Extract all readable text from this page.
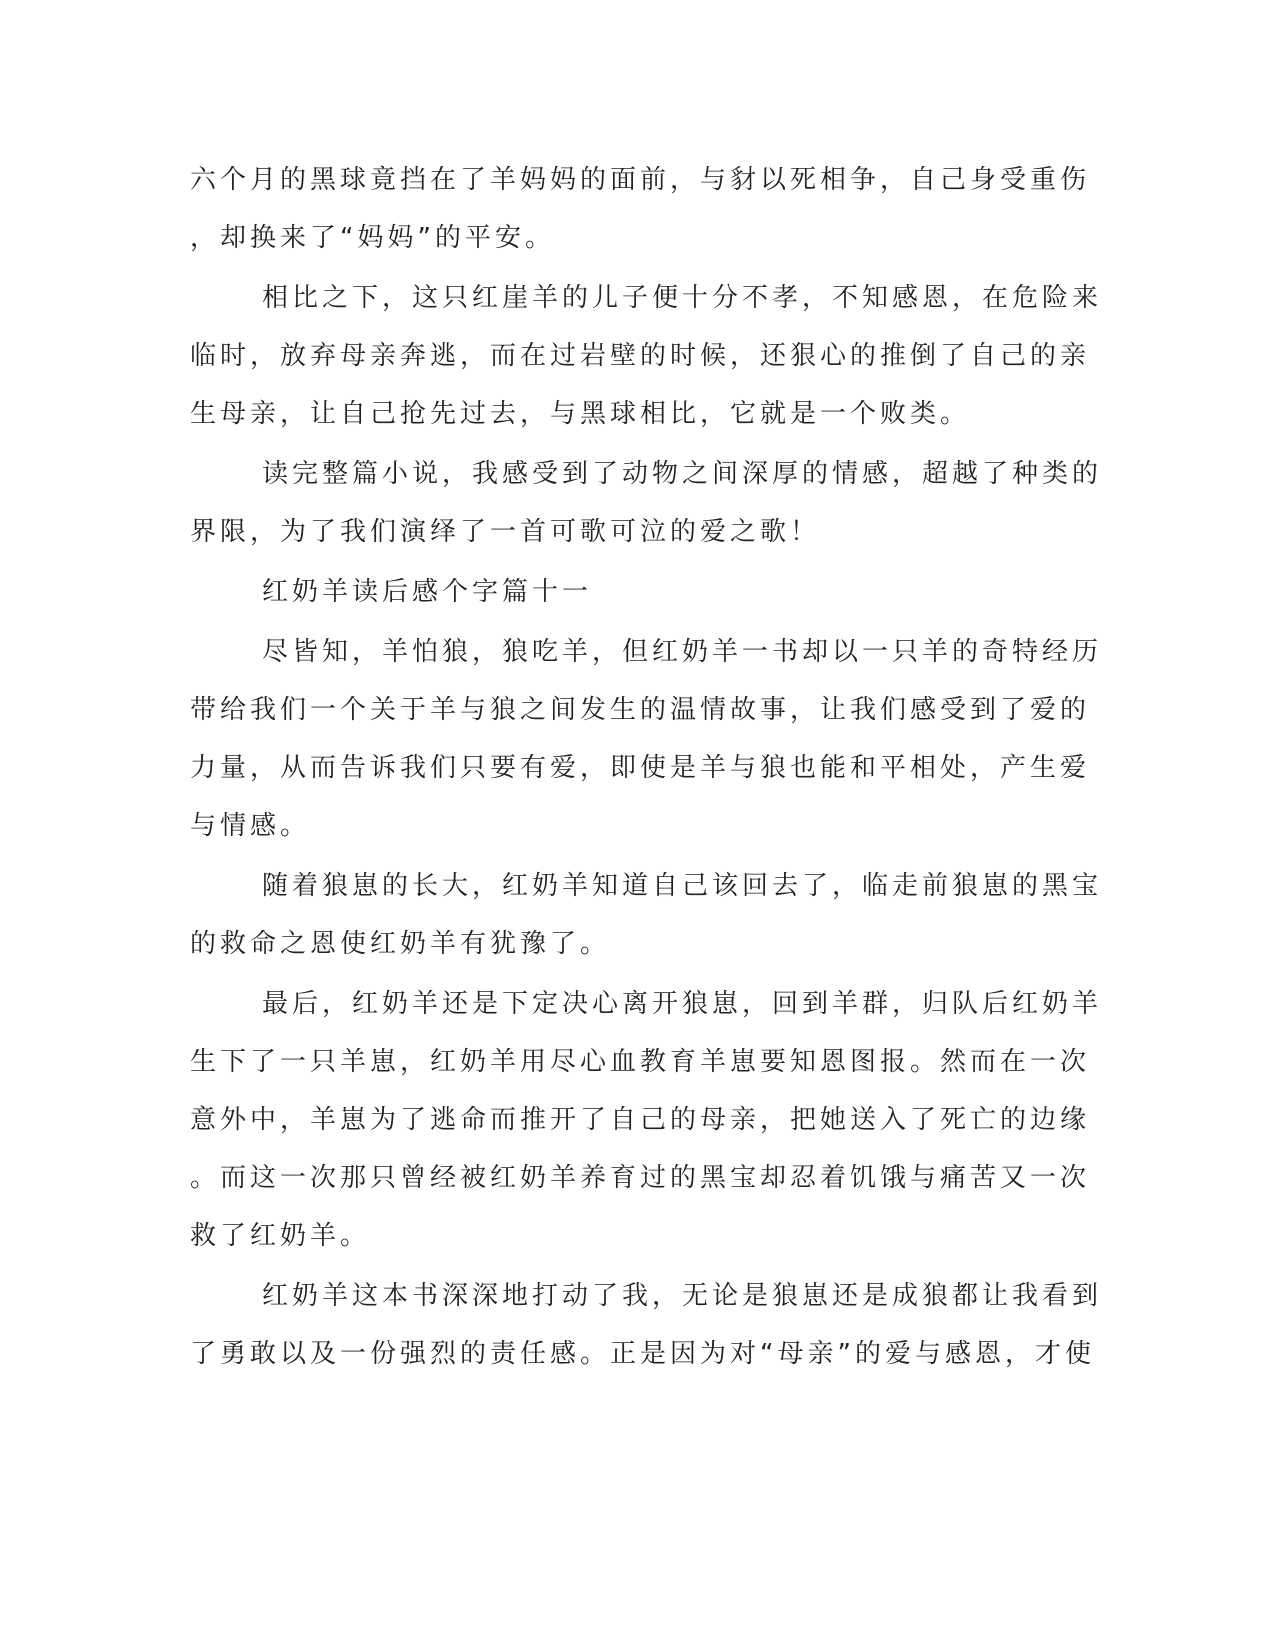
六个月的黑球竟挡在了羊妈妈的面前，与豺以死相争，自己身受重伤
，却换来了“妈妈”的平安。
相比之下，这只红崖羊的儿子便十分不孝，不知感恩，在危险来
临时，放弃母亲奔逃，而在过岩壁的时候，还狠心的推倒了自己的亲
生母亲，让自己抢先过去，与黑球相比，它就是一个败类。
读完整篇小说，我感受到了动物之间深厚的情感，超越了种类的
界限，为了我们演绎了一首可歌可泣的爱之歌！
红奶羊读后感个字篇十一
尽皆知，羊怕狼，狼吃羊，但红奶羊一书却以一只羊的奇特经历
带给我们一个关于羊与狼之间发生的温情故事，让我们感受到了爱的
力量，从而告诉我们只要有爱，即使是羊与狼也能和平相处，产生爱
与情感。
随着狼崽的长大，红奶羊知道自己该回去了，临走前狼崽的黑宝
的救命之恩使红奶羊有犹豫了。
最后，红奶羊还是下定决心离开狼崽，回到羊群，归队后红奶羊
生下了一只羊崽，红奶羊用尽心血教育羊崽要知恩图报。然而在一次
意外中，羊崽为了逃命而推开了自己的母亲，把她送入了死亡的边缘
。而这一次那只曾经被红奶羊养育过的黑宝却忍着饥饿与痛苦又一次
救了红奶羊。
红奶羊这本书深深地打动了我，无论是狼崽还是成狼都让我看到
了勇敢以及一份强烈的责任感。正是因为对“母亲”的爱与感恩，才使
